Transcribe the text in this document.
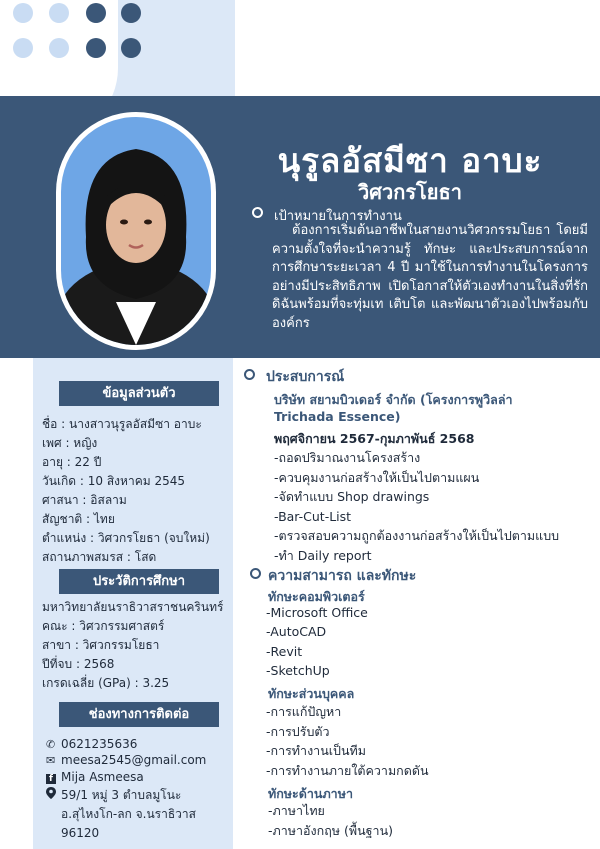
นุรูลอัสมีซา อาบะ
วิศวกรโยธา
เป้าหมายในการทำงาน
ต้องการเริ่มต้นอาชีพในสายงานวิศวกรรมโยธา โดยมีความตั้งใจที่จะนำความรู้ ทักษะ และประสบการณ์จากการศึกษาระยะเวลา 4 ปี มาใช้ในการทำงานในโครงการอย่างมีประสิทธิภาพ เปิดโอกาสให้ตัวเองทำงานในสิ่งที่รัก ดิฉันพร้อมที่จะทุ่มเท เติบโต และพัฒนาตัวเองไปพร้อมกับองค์กร
ข้อมูลส่วนตัว
ชื่อ : นางสาวนุรูลอัสมีซา อาบะ
เพศ : หญิง
อายุ : 22 ปี
วันเกิด : 10 สิงหาคม 2545
ศาสนา : อิสลาม
สัญชาติ : ไทย
ตำแหน่ง : วิศวกรโยธา (จบใหม่)
สถานภาพสมรส : โสด
ประวัติการศึกษา
มหาวิทยาลัยนราธิวาสราชนครินทร์
คณะ : วิศวกรรมศาสตร์
สาขา : วิศวกรรมโยธา
ปีที่จบ : 2568
เกรดเฉลี่ย (GPa) : 3.25
ช่องทางการติดต่อ
✆ 0621235636
✉ meesa2545@gmail.com
f Mija Asmeesa
59/1 หมู่ 3 ตำบลมูโนะ
อ.สุไหงโก-ลก จ.นราธิวาส
96120
ประสบการณ์
บริษัท สยามบิวเดอร์ จำกัด (โครงการพูวิลล่า
Trichada Essence)
พฤศจิกายน 2567-กุมภาพันธ์ 2568
-ถอดปริมาณงานโครงสร้าง
-ควบคุมงานก่อสร้างให้เป็นไปตามแผน
-จัดทำแบบ Shop drawings
-Bar-Cut-List
-ตรวจสอบความถูกต้องงานก่อสร้างให้เป็นไปตามแบบ
-ทำ Daily report
ความสามารถ และทักษะ
ทักษะคอมพิวเตอร์
-Microsoft Office
-AutoCAD
-Revit
-SketchUp
ทักษะส่วนบุคคล
-การแก้ปัญหา
-การปรับตัว
-การทำงานเป็นทีม
-การทำงานภายใต้ความกดดัน
ทักษะด้านภาษา
-ภาษาไทย
-ภาษาอังกฤษ (พื้นฐาน)
